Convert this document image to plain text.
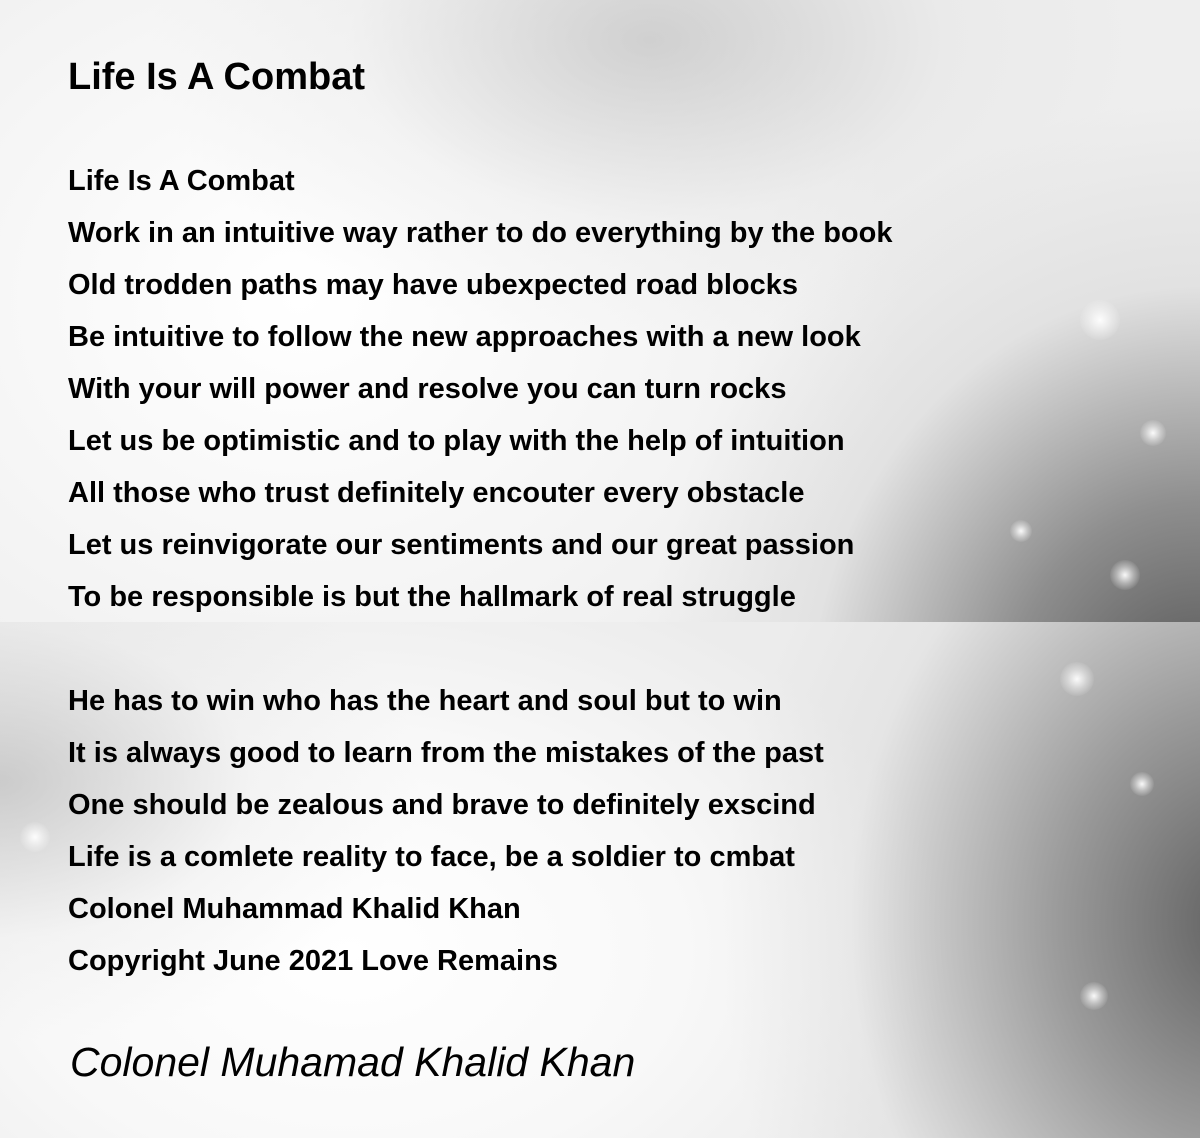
Life Is A Combat
Life Is A Combat
Work in an intuitive way rather to do everything by the book
Old trodden paths may have ubexpected road blocks
Be intuitive to follow the new approaches with a new look
With your will power and resolve you can turn rocks
Let us be optimistic and to play with the help of intuition
All those who trust definitely encouter every obstacle
Let us reinvigorate our sentiments and our great passion
To be responsible is but the hallmark of real struggle
He has to win who has the heart and soul but to win
It is always good to learn from the mistakes of the past
One should be zealous and brave to definitely exscind
Life is a comlete reality to face, be a soldier to cmbat
Colonel Muhammad Khalid Khan
Copyright June 2021 Love Remains
Colonel Muhamad Khalid Khan
